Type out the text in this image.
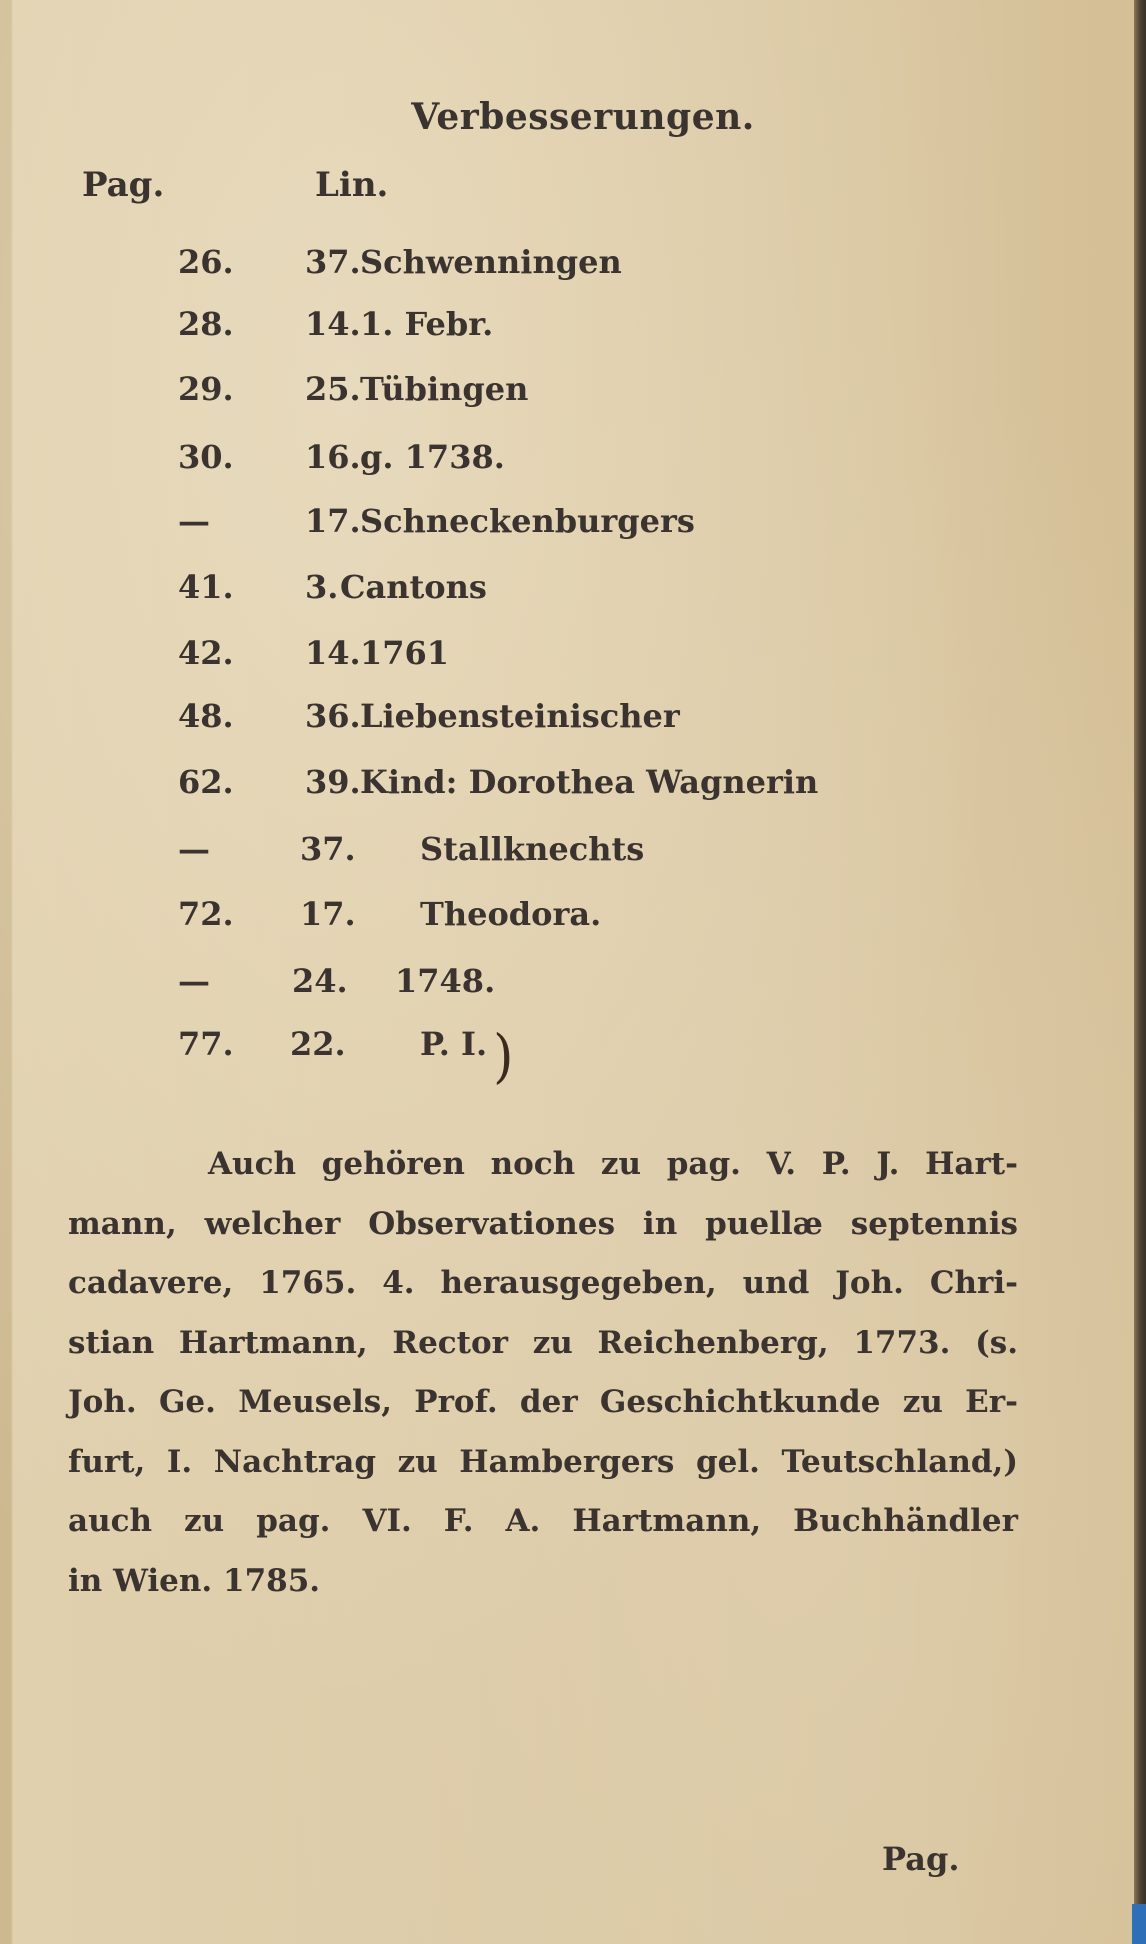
Verbesserungen.
Pag.	Lin.
26. 37. Schwenningen
28. 14. 1. Febr.
29. 25. Tübingen
30. 16. g. 1738.
—	17. Schneckenburgers
41. 3. Cantons
42. 14. 1761
48. 36. Liebensteinischer
62. 39. Kind: Dorothea Wagnerin
—	37. Stallknechts
72. 17. Theodora.
—	24. 1748.
77. 22. P. I. )
Auch gehören noch zu pag. V. P. J. Hart-
mann, welcher Observationes in puellæ septennis
cadavere, 1765. 4. herausgegeben, und Joh. Chri-
stian Hartmann, Rector zu Reichenberg, 1773. (s.
Joh. Ge. Meusels, Prof. der Geschichtkunde zu Er-
furt, I. Nachtrag zu Hambergers gel. Teutschland,)
auch zu pag. VI. F. A. Hartmann, Buchhändler
in Wien. 1785.
Pag.
